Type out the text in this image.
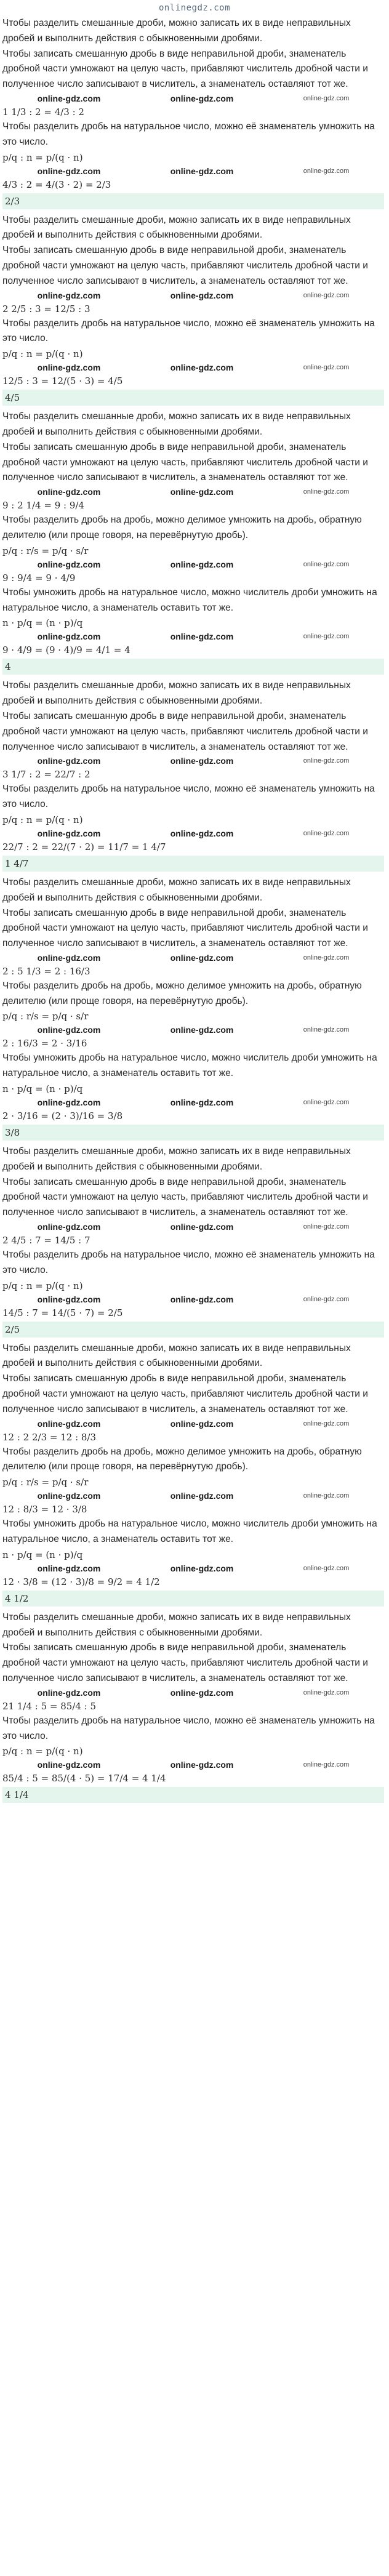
onlinegdz.com

Чтобы разделить смешанные дроби, можно записать их в виде неправильных дробей и выполнить действия с обыкновенными дробями.

Чтобы записать смешанную дробь в виде неправильной дроби, знаменатель дробной части умножают на целую часть, прибавляют числитель дробной части и полученное число записывают в числитель, а знаменатель оставляют тот же.

online-gdz.com	online-gdz.com	online-gdz.com
1 1/3 : 2 = 4/3 : 2

Чтобы разделить дробь на натуральное число, можно её знаменатель умножить на это число.

p/q : n = p/(q · n)
online-gdz.com	online-gdz.com	online-gdz.com
4/3 : 2 = 4/(3 · 2) = 2/3
2/3

Чтобы разделить смешанные дроби, можно записать их в виде неправильных дробей и выполнить действия с обыкновенными дробями.

Чтобы записать смешанную дробь в виде неправильной дроби, знаменатель дробной части умножают на целую часть, прибавляют числитель дробной части и полученное число записывают в числитель, а знаменатель оставляют тот же.

online-gdz.com	online-gdz.com	online-gdz.com
2 2/5 : 3 = 12/5 : 3

Чтобы разделить дробь на натуральное число, можно её знаменатель умножить на это число.

p/q : n = p/(q · n)
online-gdz.com	online-gdz.com	online-gdz.com
12/5 : 3 = 12/(5 · 3) = 4/5
4/5

Чтобы разделить смешанные дроби, можно записать их в виде неправильных дробей и выполнить действия с обыкновенными дробями.

Чтобы записать смешанную дробь в виде неправильной дроби, знаменатель дробной части умножают на целую часть, прибавляют числитель дробной части и полученное число записывают в числитель, а знаменатель оставляют тот же.

online-gdz.com	online-gdz.com	online-gdz.com
9 : 2 1/4 = 9 : 9/4

Чтобы разделить дробь на дробь, можно делимое умножить на дробь, обратную делителю (или проще говоря, на перевёрнутую дробь).

p/q : r/s = p/q · s/r
online-gdz.com	online-gdz.com	online-gdz.com
9 : 9/4 = 9 · 4/9

Чтобы умножить дробь на натуральное число, можно числитель дроби умножить на натуральное число, а знаменатель оставить тот же.

n · p/q = (n · p)/q
online-gdz.com	online-gdz.com	online-gdz.com
9 · 4/9 = (9 · 4)/9 = 4/1 = 4
4

Чтобы разделить смешанные дроби, можно записать их в виде неправильных дробей и выполнить действия с обыкновенными дробями.

Чтобы записать смешанную дробь в виде неправильной дроби, знаменатель дробной части умножают на целую часть, прибавляют числитель дробной части и полученное число записывают в числитель, а знаменатель оставляют тот же.

online-gdz.com	online-gdz.com	online-gdz.com
3 1/7 : 2 = 22/7 : 2

Чтобы разделить дробь на натуральное число, можно её знаменатель умножить на это число.

p/q : n = p/(q · n)
online-gdz.com	online-gdz.com	online-gdz.com
22/7 : 2 = 22/(7 · 2) = 11/7 = 1 4/7
1 4/7

Чтобы разделить смешанные дроби, можно записать их в виде неправильных дробей и выполнить действия с обыкновенными дробями.

Чтобы записать смешанную дробь в виде неправильной дроби, знаменатель дробной части умножают на целую часть, прибавляют числитель дробной части и полученное число записывают в числитель, а знаменатель оставляют тот же.

online-gdz.com	online-gdz.com	online-gdz.com
2 : 5 1/3 = 2 : 16/3

Чтобы разделить дробь на дробь, можно делимое умножить на дробь, обратную делителю (или проще говоря, на перевёрнутую дробь).

p/q : r/s = p/q · s/r
online-gdz.com	online-gdz.com	online-gdz.com
2 : 16/3 = 2 · 3/16

Чтобы умножить дробь на натуральное число, можно числитель дроби умножить на натуральное число, а знаменатель оставить тот же.

n · p/q = (n · p)/q
online-gdz.com	online-gdz.com	online-gdz.com
2 · 3/16 = (2 · 3)/16 = 3/8
3/8

Чтобы разделить смешанные дроби, можно записать их в виде неправильных дробей и выполнить действия с обыкновенными дробями.

Чтобы записать смешанную дробь в виде неправильной дроби, знаменатель дробной части умножают на целую часть, прибавляют числитель дробной части и полученное число записывают в числитель, а знаменатель оставляют тот же.

online-gdz.com	online-gdz.com	online-gdz.com
2 4/5 : 7 = 14/5 : 7

Чтобы разделить дробь на натуральное число, можно её знаменатель умножить на это число.

p/q : n = p/(q · n)
online-gdz.com	online-gdz.com	online-gdz.com
14/5 : 7 = 14/(5 · 7) = 2/5
2/5

Чтобы разделить смешанные дроби, можно записать их в виде неправильных дробей и выполнить действия с обыкновенными дробями.

Чтобы записать смешанную дробь в виде неправильной дроби, знаменатель дробной части умножают на целую часть, прибавляют числитель дробной части и полученное число записывают в числитель, а знаменатель оставляют тот же.

online-gdz.com	online-gdz.com	online-gdz.com
12 : 2 2/3 = 12 : 8/3

Чтобы разделить дробь на дробь, можно делимое умножить на дробь, обратную делителю (или проще говоря, на перевёрнутую дробь).

p/q : r/s = p/q · s/r
online-gdz.com	online-gdz.com	online-gdz.com
12 : 8/3 = 12 · 3/8

Чтобы умножить дробь на натуральное число, можно числитель дроби умножить на натуральное число, а знаменатель оставить тот же.

n · p/q = (n · p)/q
online-gdz.com	online-gdz.com	online-gdz.com
12 · 3/8 = (12 · 3)/8 = 9/2 = 4 1/2
4 1/2

Чтобы разделить смешанные дроби, можно записать их в виде неправильных дробей и выполнить действия с обыкновенными дробями.

Чтобы записать смешанную дробь в виде неправильной дроби, знаменатель дробной части умножают на целую часть, прибавляют числитель дробной части и полученное число записывают в числитель, а знаменатель оставляют тот же.

online-gdz.com	online-gdz.com	online-gdz.com
21 1/4 : 5 = 85/4 : 5

Чтобы разделить дробь на натуральное число, можно её знаменатель умножить на это число.

p/q : n = p/(q · n)
online-gdz.com	online-gdz.com	online-gdz.com
85/4 : 5 = 85/(4 · 5) = 17/4 = 4 1/4
4 1/4
